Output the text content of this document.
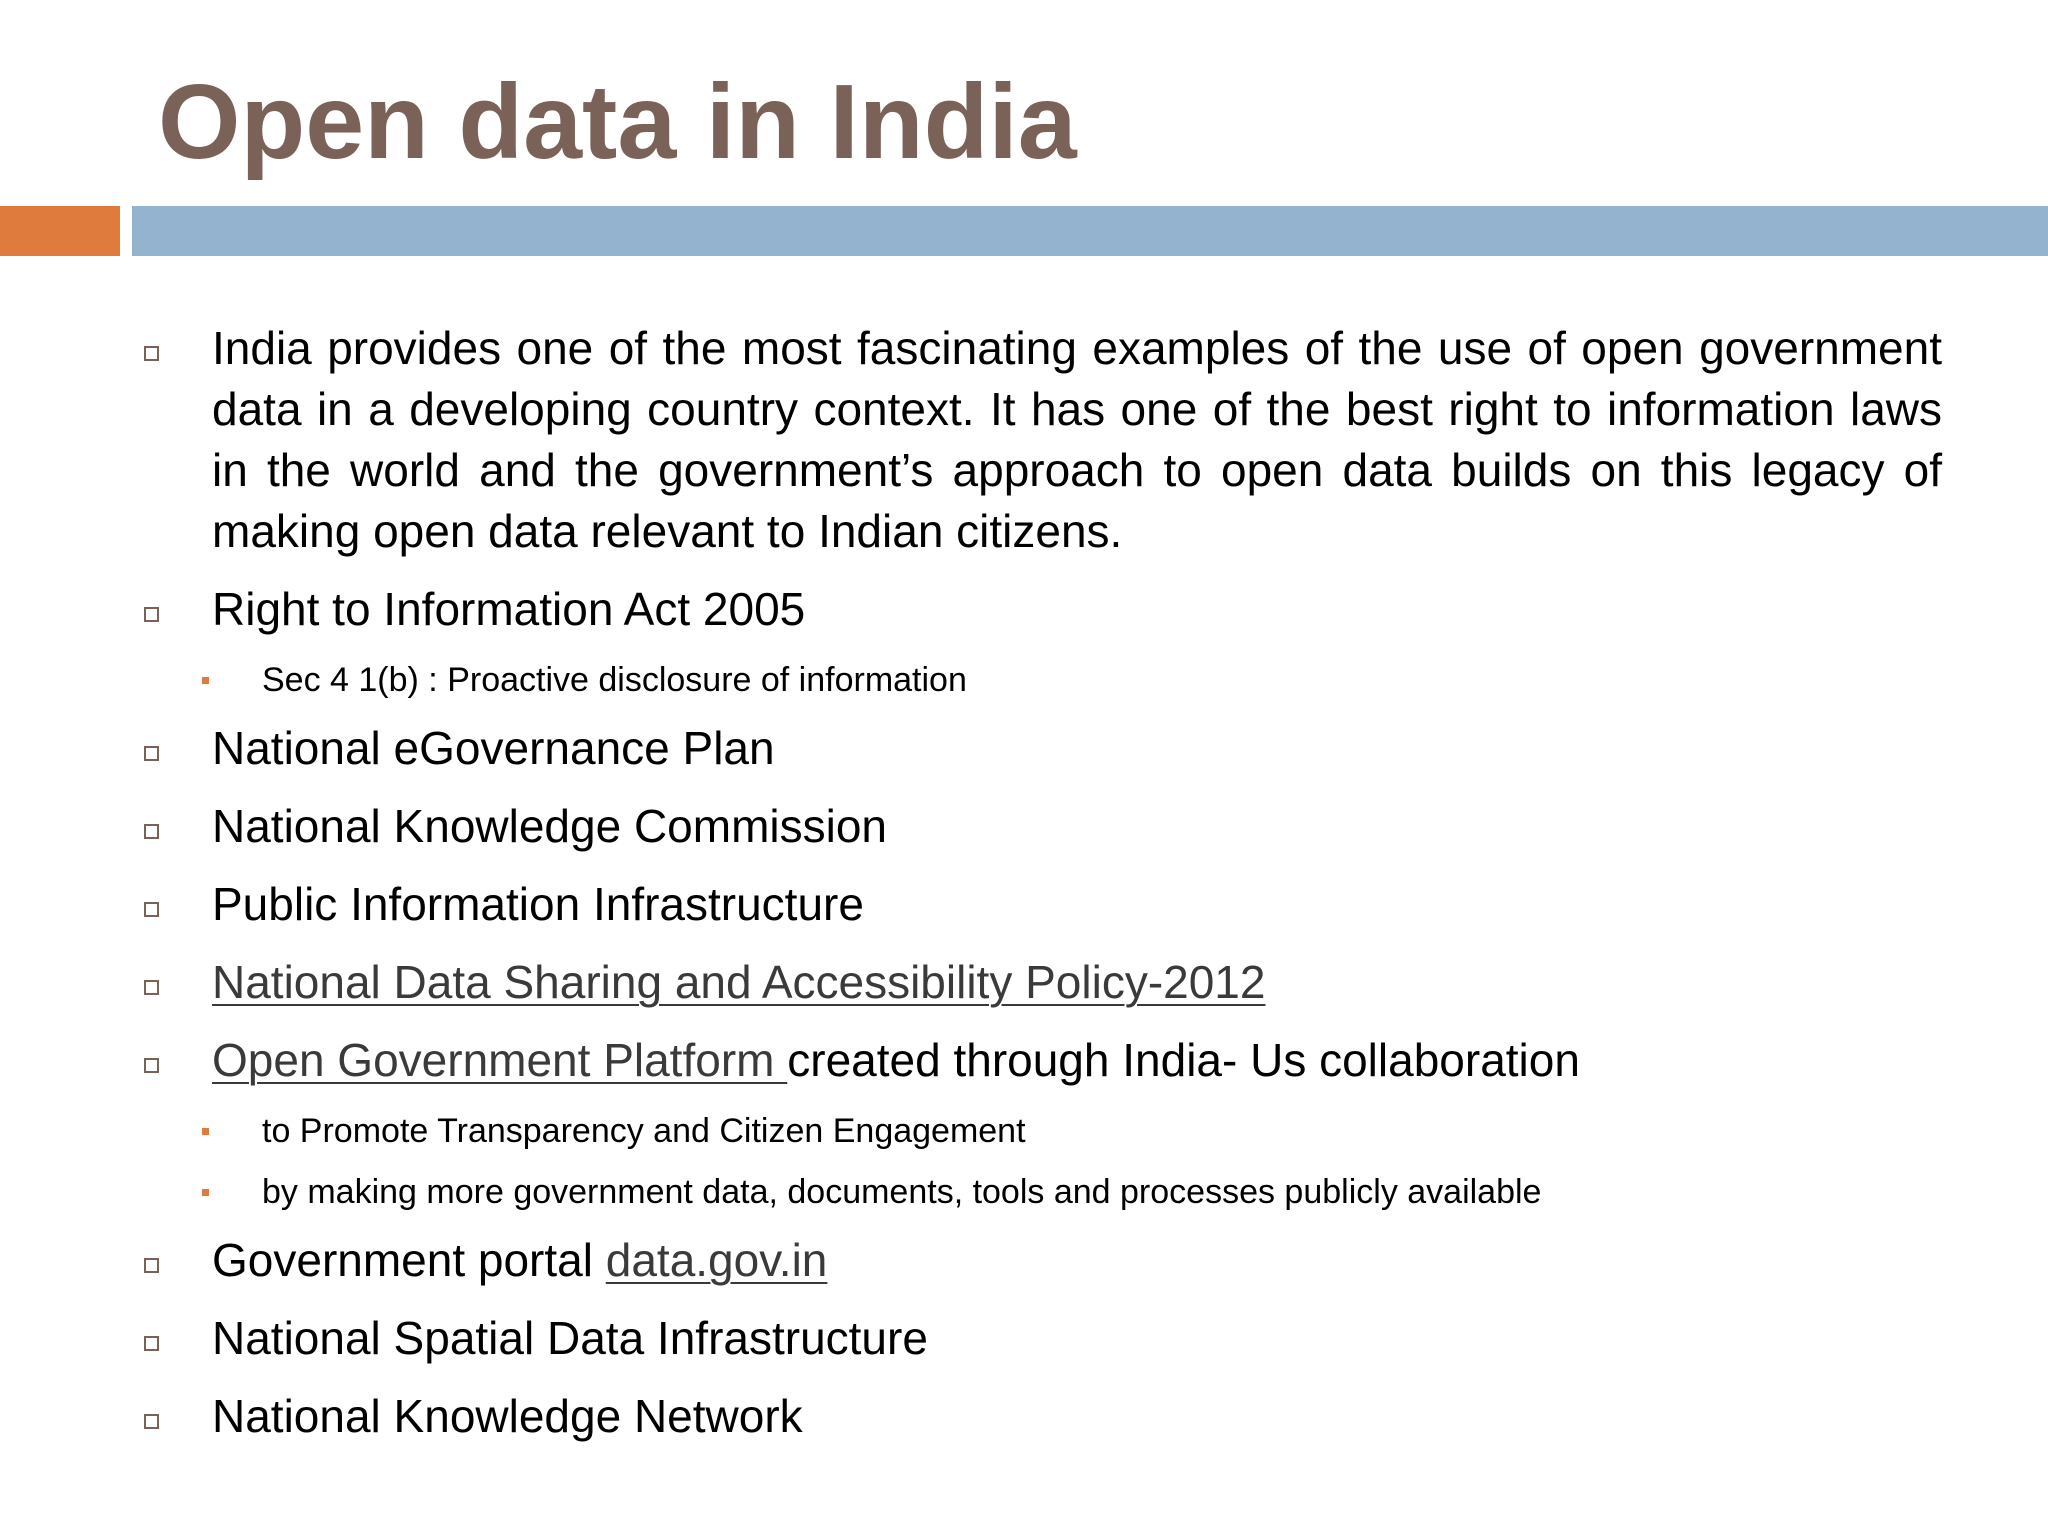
Open data in India
India provides one of the most fascinating examples of the use of open government data in a developing country context. It has one of the best right to information laws in the world and the government’s approach to open data builds on this legacy of making open data relevant to Indian citizens.
Right to Information Act 2005
Sec 4 1(b) : Proactive disclosure of information
National eGovernance Plan
National Knowledge Commission
Public Information Infrastructure
National Data Sharing and Accessibility Policy-2012
Open Government Platform created through India- Us collaboration
to Promote Transparency and Citizen Engagement
by making more government data, documents, tools and processes publicly available
Government portal data.gov.in
National Spatial Data Infrastructure
National Knowledge Network
